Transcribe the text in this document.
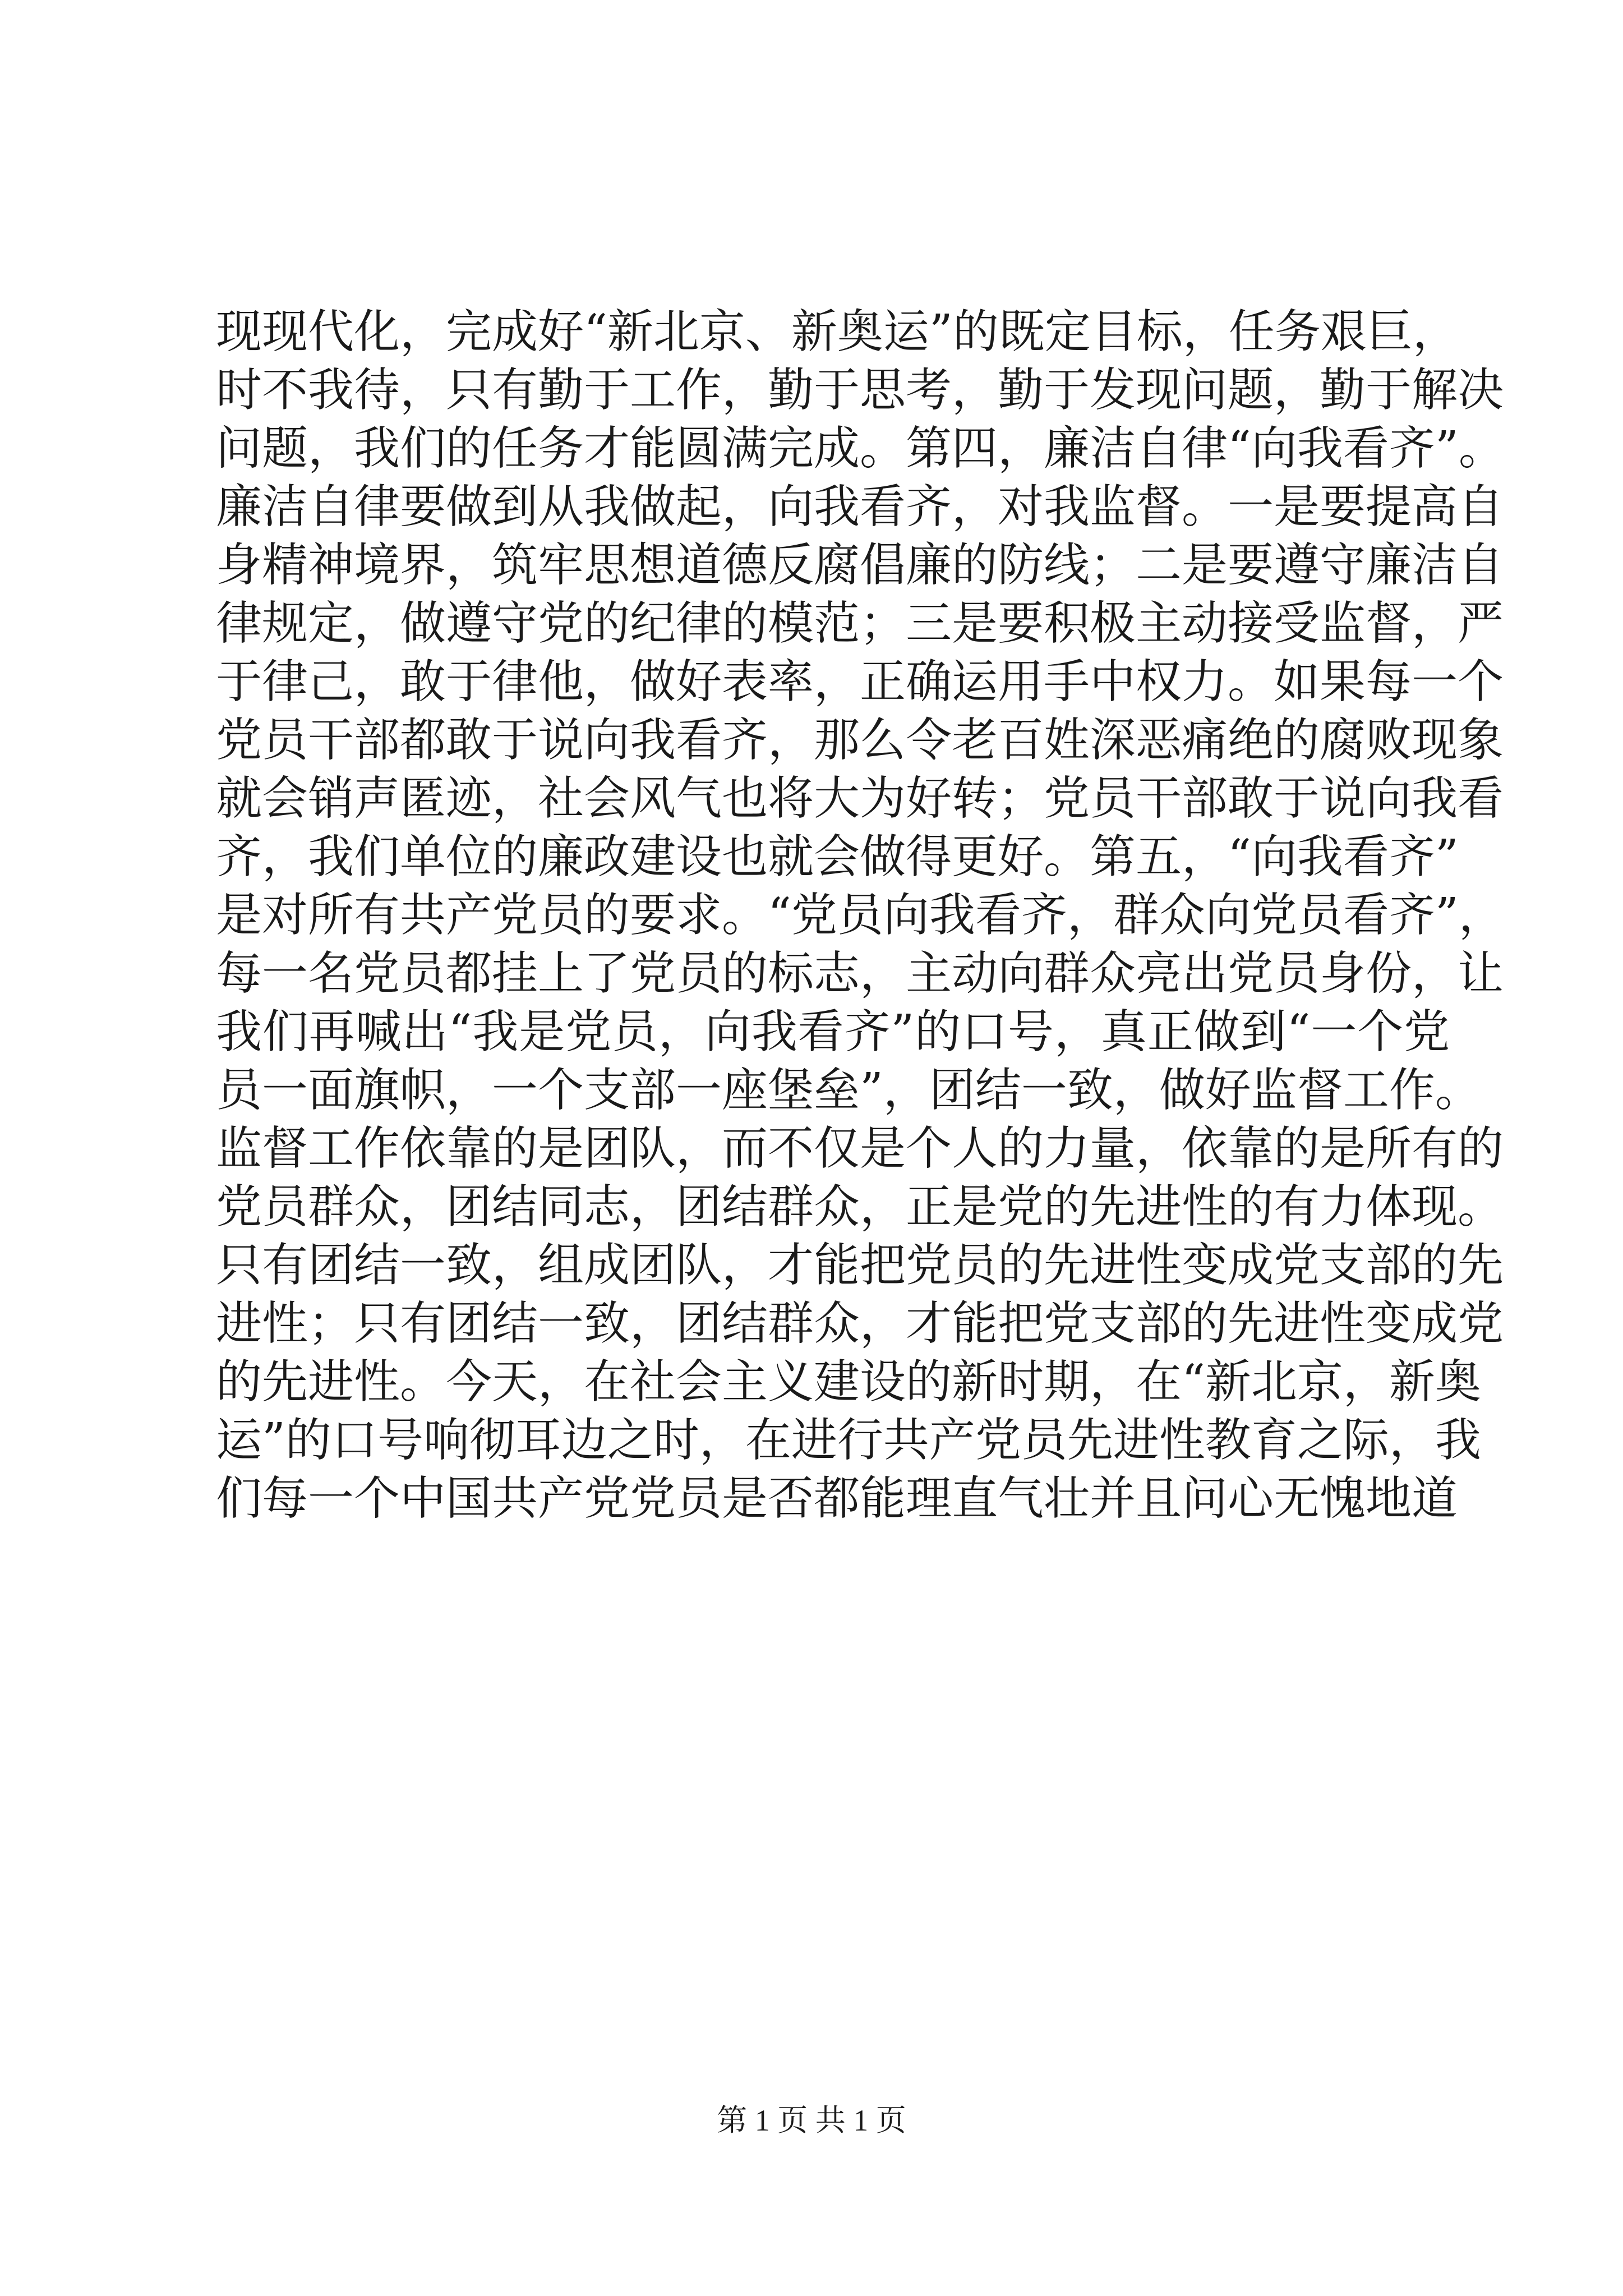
现现代化，完成好“新北京、新奥运”的既定目标，任务艰巨，
时不我待，只有勤于工作，勤于思考，勤于发现问题，勤于解决
问题，我们的任务才能圆满完成。第四，廉洁自律“向我看齐”。
廉洁自律要做到从我做起，向我看齐，对我监督。一是要提高自
身精神境界，筑牢思想道德反腐倡廉的防线；二是要遵守廉洁自
律规定，做遵守党的纪律的模范；三是要积极主动接受监督，严
于律己，敢于律他，做好表率，正确运用手中权力。如果每一个
党员干部都敢于说向我看齐，那么令老百姓深恶痛绝的腐败现象
就会销声匿迹，社会风气也将大为好转；党员干部敢于说向我看
齐，我们单位的廉政建设也就会做得更好。第五，“向我看齐”
是对所有共产党员的要求。“党员向我看齐，群众向党员看齐”，
每一名党员都挂上了党员的标志，主动向群众亮出党员身份，让
我们再喊出“我是党员，向我看齐”的口号，真正做到“一个党
员一面旗帜，一个支部一座堡垒”，团结一致，做好监督工作。
监督工作依靠的是团队，而不仅是个人的力量，依靠的是所有的
党员群众，团结同志，团结群众，正是党的先进性的有力体现。
只有团结一致，组成团队，才能把党员的先进性变成党支部的先
进性；只有团结一致，团结群众，才能把党支部的先进性变成党
的先进性。今天，在社会主义建设的新时期，在“新北京，新奥
运”的口号响彻耳边之时，在进行共产党员先进性教育之际，我
们每一个中国共产党党员是否都能理直气壮并且问心无愧地道
第 1 页 共 1 页
